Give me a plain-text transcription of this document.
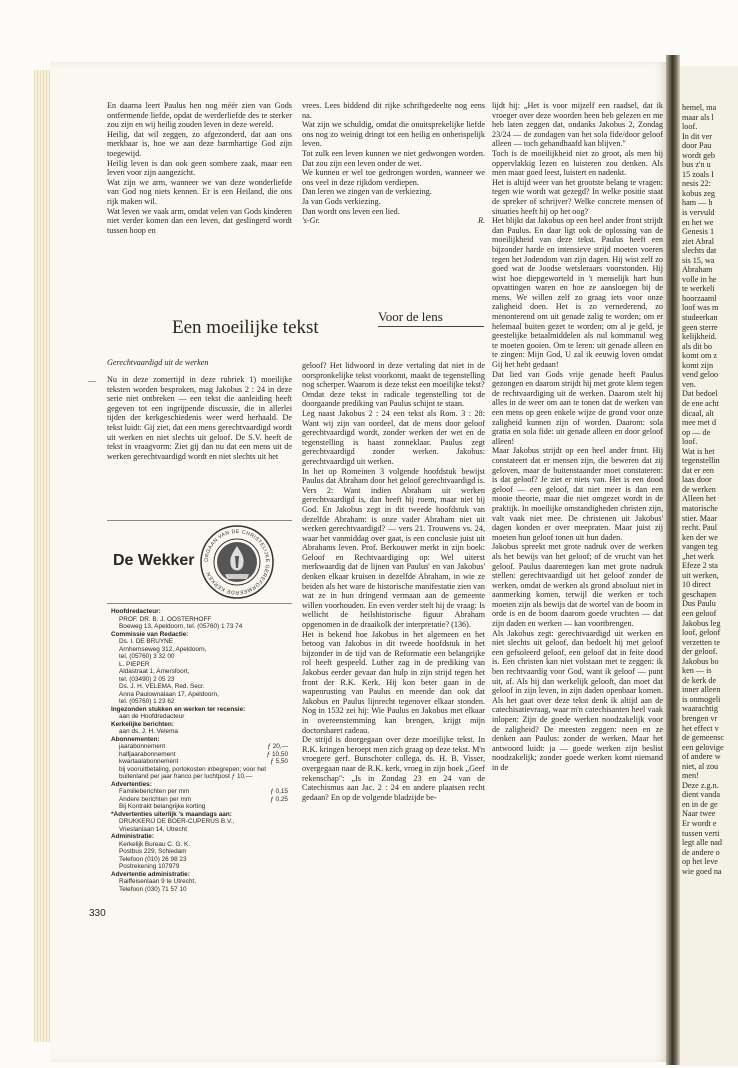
hemel, ma
maar als l
loof.
In dit ver
door Pau
wordt geb
bus z'n u
15 zoals I
nesis 22:
kobus zeg
ham — h
is vervuld
en het we
Genesis 1
ziet Abral
slechts dat
sis 15, wa
Abraham
volle in he
te werkeli
hoorzaaml
loof was m
studeerkan
geen sterre
kelijkheid.
als dit bo
komt om z
komt zijn
vend geloo
ven.
Dat bedoel
de ene acht
dicaal, alt
mee met d
op — de
loof.
Wat is het
tegenstellin
dat er een
laas door
de werken
Alleen het
matorische
stier. Maar
recht. Paul
ken der we
vangen teg
„het werk
Efeze 2 sta
uit werken,
10 direct
geschapen
Dus Paulu
een geloof
Jakobus leg
loof, geloof
verzetten te
der geloof.
Jakobus bo
ken — is
de kerk de
inner alleen
is onmogeli
waarachtig
brengen vr
het effect v
de gemeensc
een gelovige
of andere w
niet, al zou
men!
Deze z.g.n.
dient vanda
en in de ge
Naar twee
Er wordt e
tussen verti
legt alle nad
de andere o
op het leve
wie goed na

En daarna leert Paulus hen nog méér zien van Gods ontfermende liefde, opdat de werderliefde des te sterker zou zijn en wij heilig zouden leven in deze wereld.

Heilig, dat wil zeggen, zo afgezonderd, dat aan ons merkbaar is, hoe we aan deze barmhartige God zijn toegewijd.

Heilig leven is dan ook geen sombere zaak, maar een leven voor zijn aangezicht.

Wat zijn we arm, wanneer we van deze wonderliefde van God nog niets kennen. Er is een Heiland, die ons rijk maken wil.

Wat leven we vaak arm, omdat velen van Gods kinderen niet verder komen dan een leven, dat geslingerd wordt tussen hoop en

vrees. Lees biddend dit rijke schriftgedeelte nog eens na.

Wat zijn we schuldig, omdat die onuitsprekelijke liefde ons nog zo weinig dringt tot een heilig en onberispelijk leven.

Tot zulk een leven kunnen we niet gedwongen worden. Dat zou zijn een leven onder de wet.

We kunnen er wel toe gedrongen worden, wanneer we ons veel in deze rijkdom verdiepen.

Dan leren we zingen van de verkiezing.

Ja van Gods verkiezing.

Dan wordt ons leven een lied.

's-Gr.	R.
Voor de lens
Een moeilijke tekst
Gerechtvaardigd uit de werken
— Nu in deze zomertijd in deze rubriek 1) moeilijke teksten worden besproken, mag Jakobus 2 : 24 in deze serie niet ontbreken — een tekst die aanleiding heeft gegeven tot een ingrijpende discussie, die in allerlei tijden der kerkgeschiedenis weer werd herhaald. De tekst luidt: Gij ziet, dat een mens gerechtvaardigd wordt uit werken en niet slechts uit geloof. De S.V. heeft de tekst in vraagvorm: Ziet gij dan nu dat een mens uit de werken gerechtvaardigd wordt en niet slechts uit het

De Wekker ORGAAN VAN DE CHRISTELIJKE GEREFORMEERDE KERKEN
Hoofdredacteur:
PROF. DR. B. J. OOSTERHOFF
Boeweg 13, Apeldoorn, tel. (05760) 1 73 74
Commissie van Redactie:
Ds. I. DE BRUYNE
Arnhemseweg 312, Apeldoorn,
tel. (05760) 3 32 00
L. PIEPER
Aldastraat 1, Amersfoort,
tel. (03490) 2 05 23
Ds. J. H. VELEMA, Red. Secr.
Anna Paulownalaan 17, Apeldoorn,
tel. (05760) 1 23 62
Ingezonden stukken en werken ter recensie:
aan de Hoofdredacteur
Kerkelijke berichten:
aan ds. J. H. Velema
Abonnementen:
jaarabonnement	ƒ 20,—
halfjaarabonnement	ƒ 10,50
kwartaalabonnement	ƒ 5,50
bij vooruitbetaling, portokosten inbegrepen; voor het buitenland per jaar franco per luchtpost ƒ 10,—
Advertenties:
Familieberichten per mm	ƒ 0,15
Andere berichten per mm	ƒ 0,25
Bij Kontrakt belangrijke korting
*Advertenties uiterlijk 's maandags aan:
DRUKKERIJ DE BOER-CUPERUS B.V.,
Vrieslanlaan 14, Utrecht
Administratie:
Kerkelijk Bureau C. G. K.
Postbus 229, Schiedam
Telefoon (010) 26 98 23
Postrekening 107979
Advertentie administratie:
Raiffeisenlaan 9 te Utrecht,
Telefoon (030) 71 57 10

geloof? Het lidwoord in deze vertaling dat niet in de oorspronkelijke tekst voorkomt, maakt de tegenstelling nog scherper. Waarom is deze tekst een moeilijke tekst?

Omdat deze tekst in radicale tegenstelling tot de doorgaande prediking van Paulus schijnt te staan.

Leg naast Jakobus 2 : 24 een tekst als Rom. 3 : 28: Want wij zijn van oordeel, dat de mens door geloof gerechtvaardigd wordt, zonder werken der wet en de tegenstelling is haast zonneklaar. Paulus zegt gerechtvaardigd zonder werken. Jakobus: gerechtvaardigd uit werken.

In het op Romeinen 3 volgende hoofdstuk bewijst Paulus dat Abraham door het geloof gerechtvaardigd is. Vers 2: Want indien Abraham uit werken gerechtvaardigd is, dan heeft hij roem, maar niet bij God. En Jakobus zegt in dit tweede hoofdstuk van dezelfde Abraham: is onze vader Abraham niet uit werken gerechtvaardigd? — vers 21. Trouwens vs. 24, waar het vanmiddag over gaat, is een conclusie juist uit Abrahams leven. Prof. Berkouwer merkt in zijn boek: Geloof en Rechtvaardiging op: Wel uiterst merkwaardig dat de lijnen van Paulus' en van Jakobus' denken elkaar kruisen in dezelfde Abraham, in wie ze beiden als het ware de historische manifestatie zien van wat ze in hun dringend vermaan aan de gemeente willen voorhouden. En even verder stelt hij de vraag: Is wellicht de heilshistorische figuur Abraham opgenomen in de draaikolk der interpretatie? (136).

Het is bekend hoe Jakobus in het algemeen en het betoog van Jakobus in dit tweede hoofdstuk in het bijzonder in de tijd van de Reformatie een belangrijke rol heeft gespeeld. Luther zag in de prediking van Jakobus eerder gevaar dan hulp in zijn strijd tegen het front der R.K. Kerk. Hij kon beter gaan in de wapenrusting van Paulus en meende dan ook dat Jakobus en Paulus lijnrecht tegenover elkaar stonden. Nog in 1532 zei hij: Wie Paulus en Jakobus met elkaar in overeenstemming kan brengen, krijgt mijn doctorsbaret cadeau.

De strijd is doorgegaan over deze moeilijke tekst. In R.K. kringen beroept men zich graag op deze tekst. M'n vroegere gerf. Bunschoter collega, ds. H. B. Visser, overgegaan naar de R.K. kerk, vroeg in zijn boek „Geef rekenschap": „Is in Zondag 23 en 24 van de Catechismus aan Jac. 2 : 24 en andere plaatsen recht gedaan? En op de volgende bladzijde be-

lijdt hij: „Het is voor mijzelf een raadsel, dat ik vroeger over deze woorden heen heb gelezen en me heb laten zeggen dat, ondanks Jakobus 2, Zondag 23/24 — de zondagen van het sola fide/door geloof alleen — toch gehandhaafd kan blijven."

Toch is de moeilijkheid niet zo groot, als men bij oppervlakkig lezen en luisteren zou denken. Als men maar goed leest, luistert en nadenkt.

Het is altijd weer van het grootste belang te vragen: tegen wie wordt wat gezegd? In welke positie staat de spreker of schrijver? Welke concrete mensen of situaties heeft hij op het oog?

Het blijkt dat Jakobus op een heel ander front strijdt dan Paulus. En daar ligt ook de oplossing van de moeilijkheid van deze tekst. Paulus heeft een bijzonder harde en intensieve strijd moeten voeren tegen het Jodendom van zijn dagen. Hij wist zelf zo goed wat de Joodse wetsleraars voorstonden. Hij wist hoe diepgeworteld in 't menselijk hart hun opvattingen waren en hoe ze aansloegen bij de mens. We willen zelf zo graag iets voor onze zaligheid doen. Het is zo vernederend, zo menonterend om uit genade zalig te worden; om er helemaal buiten gezet te worden; om al je geld, je geestelijke betaalmiddelen als nul kommanul weg te moeten gooien. Om te leren: uit genade alleen en te zingen: Mijn God, U zal ik eeuwig loven omdat Gij het hebt gedaan!

Dat lied van Gods vrije genade heeft Paulus gezongen en daarom strijdt hij met grote klem tegen de rechtvaardiging uit de werken. Daarom stelt hij alles in de weer om aan te tonen dat de werken van een mens op geen enkele wijze de grond voor onze zaligheid kunnen zijn of worden. Daarom: sola gratia en sola fide: uit genade alleen en door geloof alleen!

Maar Jakobus strijdt op een heel ander front. Hij constateert dat er mensen zijn, die beweren dat zij geloven, maar de buitenstaander moet constateren: is dat geloof? Je ziet er niets van. Het is een dood geloof — een geloof, dat niet meer is dan een mooie theorie, maar die niet omgezet wordt in de praktijk. In moeilijke omstandigheden christen zijn, valt vaak niet mee. De christenen uit Jakobus' dagen konden er over meepraten. Maar juist zij moeten hun geloof tonen uit hun daden.

Jakobus spreekt met grote nadruk over de werken als het bewijs van het geloof; of de vrucht van het geloof. Paulus daarentegen kan met grote nadruk stellen: gerechtvaardigd uit het geloof zonder de werken, omdat de werken als grond absoluut niet in aanmerking komen, terwijl die werken er toch moeten zijn als bewijs dat de wortel van de boom in orde is en de boom daarom goede vruchten — dat zijn daden en werken — kan voortbrengen.

Als Jakobus zegt: gerechtvaardigd uit werken en niet slechts uit geloof, dan bedoelt hij met geloof een gefsoleerd geloof, een geloof dat in feite dood is. Een christen kan niet volstaan met te zeggen: ik ben rechtvaardig voor God, want ik geloof — punt uit, af. Als hij dan werkelijk gelooft, dan moet dat geloof in zijn leven, in zijn daden openbaar komen. Als het gaat over deze tekst denk ik altijd aan de catechisatievraag, waar m'n catechisanten heel vaak inlopen: Zijn de goede werken noodzakelijk voor de zaligheid? De meesten zeggen: neen en ze denken aan Paulus: zonder de werken. Maar het antwoord luidt: ja — goede werken zijn beslist noodzakelijk; zonder goede werken komt niemand in de

330
